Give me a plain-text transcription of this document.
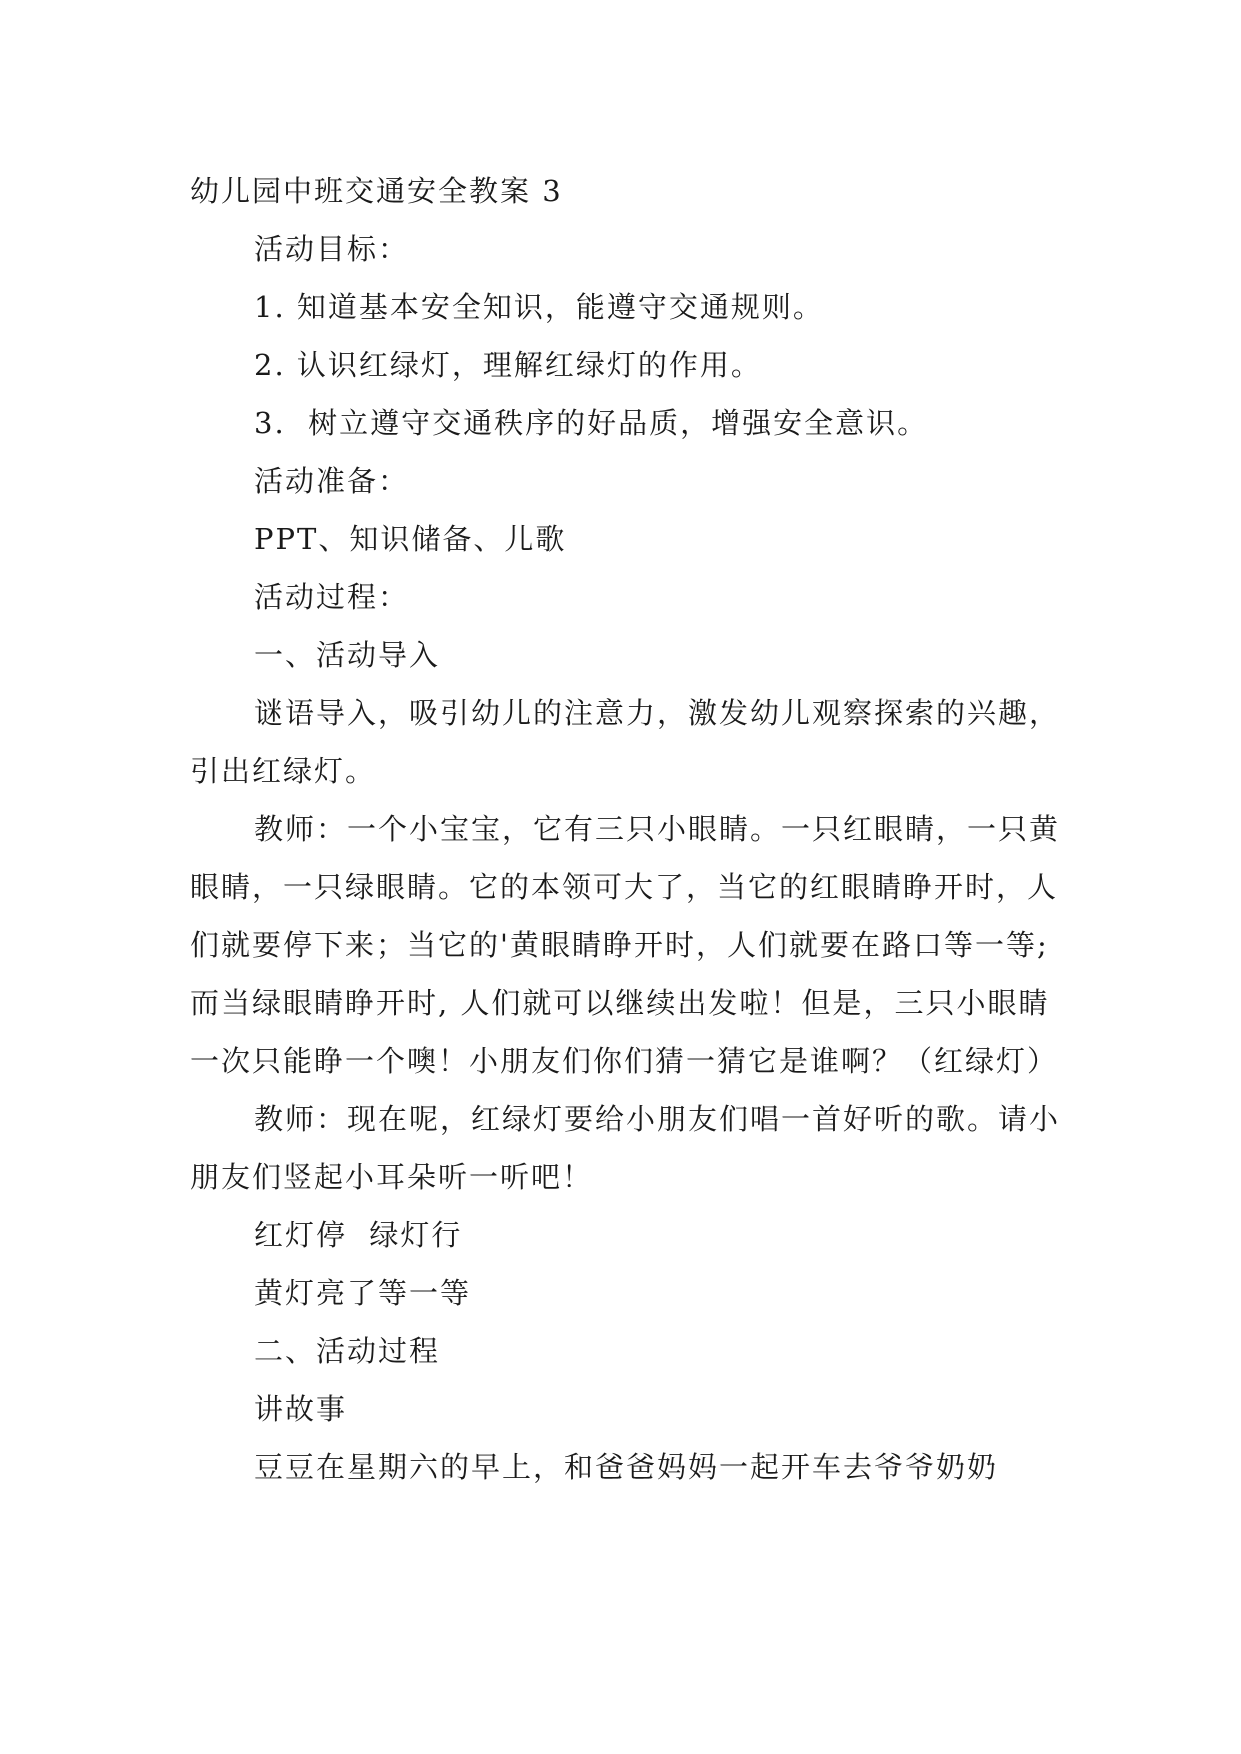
幼儿园中班交通安全教案 3

活动目标：

1. 知道基本安全知识，能遵守交通规则。

2. 认识红绿灯，理解红绿灯的作用。

3.  树立遵守交通秩序的好品质，增强安全意识。

活动准备：

PPT、知识储备、儿歌

活动过程：

一、活动导入

谜语导入，吸引幼儿的注意力，激发幼儿观察探索的兴趣，引出红绿灯。

教师：一个小宝宝，它有三只小眼睛。一只红眼睛，一只黄眼睛，一只绿眼睛。它的本领可大了，当它的红眼睛睁开时，人们就要停下来；当它的'黄眼睛睁开时，人们就要在路口等一等; 而当绿眼睛睁开时, 人们就可以继续出发啦！但是，三只小眼睛一次只能睁一个噢！小朋友们你们猜一猜它是谁啊？（红绿灯）

教师：现在呢，红绿灯要给小朋友们唱一首好听的歌。请小朋友们竖起小耳朵听一听吧！

红灯停  绿灯行

黄灯亮了等一等

二、活动过程

讲故事

豆豆在星期六的早上，和爸爸妈妈一起开车去爷爷奶奶
